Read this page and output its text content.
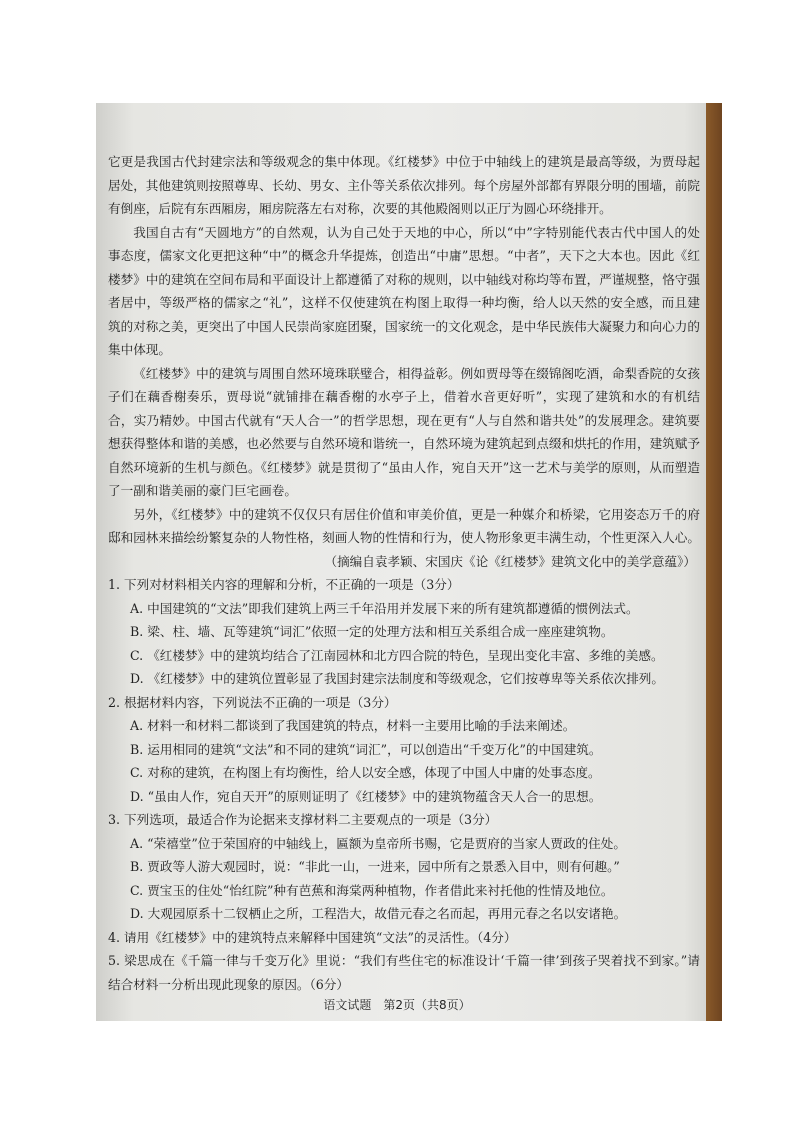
它更是我国古代封建宗法和等级观念的集中体现。《红楼梦》中位于中轴线上的建筑是最高等级，为贾母起居处，其他建筑则按照尊卑、长幼、男女、主仆等关系依次排列。每个房屋外部都有界限分明的围墙，前院有倒座，后院有东西厢房，厢房院落左右对称，次要的其他殿阁则以正厅为圆心环绕排开。

我国自古有“天圆地方”的自然观，认为自己处于天地的中心，所以“中”字特别能代表古代中国人的处事态度，儒家文化更把这种“中”的概念升华提炼，创造出“中庸”思想。“中者”，天下之大本也。因此《红楼梦》中的建筑在空间布局和平面设计上都遵循了对称的规则，以中轴线对称均等布置，严谨规整，恪守强者居中，等级严格的儒家之“礼”，这样不仅使建筑在构图上取得一种均衡，给人以天然的安全感，而且建筑的对称之美，更突出了中国人民崇尚家庭团聚，国家统一的文化观念，是中华民族伟大凝聚力和向心力的集中体现。

《红楼梦》中的建筑与周围自然环境珠联璧合，相得益彰。例如贾母等在缀锦阁吃酒，命梨香院的女孩子们在藕香榭奏乐，贾母说“就铺排在藕香榭的水亭子上，借着水音更好听”，实现了建筑和水的有机结合，实乃精妙。中国古代就有“天人合一”的哲学思想，现在更有“人与自然和谐共处”的发展理念。建筑要想获得整体和谐的美感，也必然要与自然环境和谐统一，自然环境为建筑起到点缀和烘托的作用，建筑赋予自然环境新的生机与颜色。《红楼梦》就是贯彻了“虽由人作，宛自天开”这一艺术与美学的原则，从而塑造了一副和谐美丽的豪门巨宅画卷。

另外，《红楼梦》中的建筑不仅仅只有居住价值和审美价值，更是一种媒介和桥梁，它用姿态万千的府邸和园林来描绘纷繁复杂的人物性格，刻画人物的性情和行为，使人物形象更丰满生动，个性更深入人心。

（摘编自袁孝颖、宋国庆《论《红楼梦》建筑文化中的美学意蕴》）

1. 下列对材料相关内容的理解和分析，不正确的一项是（3分）

A. 中国建筑的“文法”即我们建筑上两三千年沿用并发展下来的所有建筑都遵循的惯例法式。

B. 梁、柱、墙、瓦等建筑“词汇”依照一定的处理方法和相互关系组合成一座座建筑物。

C. 《红楼梦》中的建筑均结合了江南园林和北方四合院的特色，呈现出变化丰富、多维的美感。

D. 《红楼梦》中的建筑位置彰显了我国封建宗法制度和等级观念，它们按尊卑等关系依次排列。

2. 根据材料内容，下列说法不正确的一项是（3分）

A. 材料一和材料二都谈到了我国建筑的特点，材料一主要用比喻的手法来阐述。

B. 运用相同的建筑“文法”和不同的建筑“词汇”，可以创造出“千变万化”的中国建筑。

C. 对称的建筑，在构图上有均衡性，给人以安全感，体现了中国人中庸的处事态度。

D. “虽由人作，宛自天开”的原则证明了《红楼梦》中的建筑物蕴含天人合一的思想。

3. 下列选项，最适合作为论据来支撑材料二主要观点的一项是（3分）

A. “荣禧堂”位于荣国府的中轴线上，匾额为皇帝所书赐，它是贾府的当家人贾政的住处。

B. 贾政等人游大观园时，说：“非此一山，一进来，园中所有之景悉入目中，则有何趣。”

C. 贾宝玉的住处“怡红院”种有芭蕉和海棠两种植物，作者借此来衬托他的性情及地位。

D. 大观园原系十二钗栖止之所，工程浩大，故借元春之名而起，再用元春之名以安诸艳。

4. 请用《红楼梦》中的建筑特点来解释中国建筑“文法”的灵活性。（4分）

5. 梁思成在《千篇一律与千变万化》里说：“我们有些住宅的标准设计‘千篇一律’到孩子哭着找不到家。”请结合材料一分析出现此现象的原因。（6分）

语文试题　第2页（共8页）
